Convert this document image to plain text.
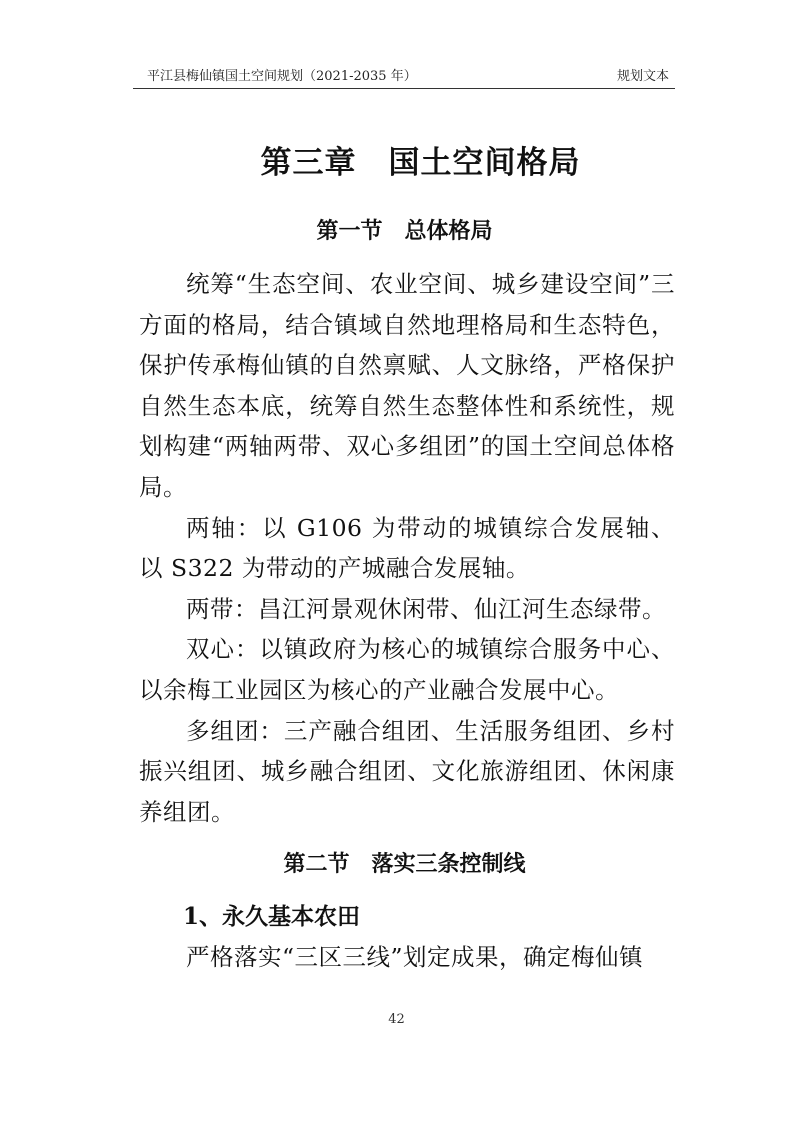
平江县梅仙镇国土空间规划（2021-2035 年）	规划文本
第三章　国土空间格局
第一节　总体格局

统筹“生态空间、农业空间、城乡建设空间”三方面的格局，结合镇域自然地理格局和生态特色，保护传承梅仙镇的自然禀赋、人文脉络，严格保护自然生态本底，统筹自然生态整体性和系统性，规划构建“两轴两带、双心多组团”的国土空间总体格局。

两轴：以 G106 为带动的城镇综合发展轴、以 S322 为带动的产城融合发展轴。

两带：昌江河景观休闲带、仙江河生态绿带。

双心：以镇政府为核心的城镇综合服务中心、以余梅工业园区为核心的产业融合发展中心。

多组团：三产融合组团、生活服务组团、乡村振兴组团、城乡融合组团、文化旅游组团、休闲康养组团。

第二节　落实三条控制线
1、永久基本农田

严格落实“三区三线”划定成果，确定梅仙镇

42
